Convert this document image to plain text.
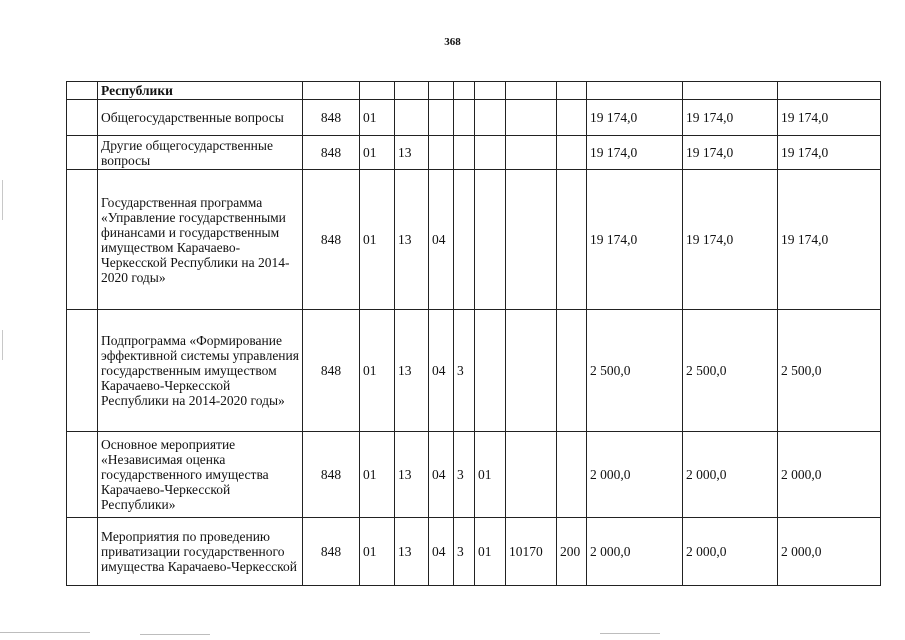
368
	Республики											
	Общегосударственные вопросы	848	01							19 174,0	19 174,0	19 174,0
	Другие общегосударственные вопросы	848	01	13						19 174,0	19 174,0	19 174,0
	Государственная программа «Управление государственными финансами и государственным имуществом Карачаево-Черкесской Республики на 2014-2020 годы»	848	01	13	04					19 174,0	19 174,0	19 174,0
	Подпрограмма «Формирование эффективной системы управления государственным имуществом Карачаево-Черкесской Республики на 2014-2020 годы»	848	01	13	04	3				2 500,0	2 500,0	2 500,0
	Основное мероприятие «Независимая оценка государственного имущества Карачаево-Черкесской Республики»	848	01	13	04	3	01			2 000,0	2 000,0	2 000,0
	Мероприятия по проведению приватизации государственного имущества Карачаево-Черкесской	848	01	13	04	3	01	10170	200	2 000,0	2 000,0	2 000,0
